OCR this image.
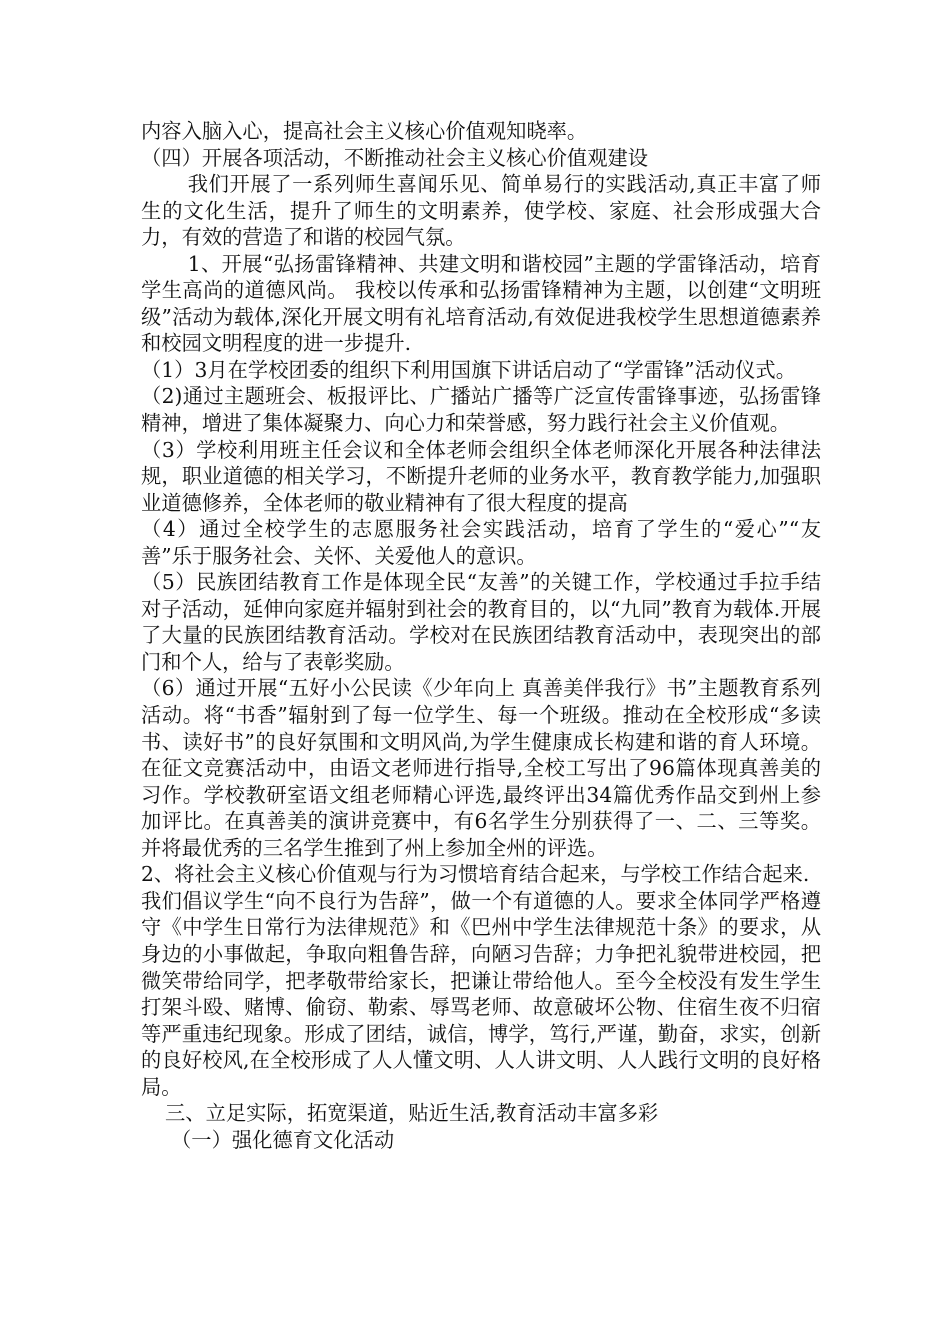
内容入脑入心，提高社会主义核心价值观知晓率。

（四）开展各项活动，不断推动社会主义核心价值观建设

我们开展了一系列师生喜闻乐见、简单易行的实践活动,真正丰富了师生的文化生活，提升了师生的文明素养，使学校、家庭、社会形成强大合力，有效的营造了和谐的校园气氛。

1、开展“弘扬雷锋精神、共建文明和谐校园”主题的学雷锋活动，培育学生高尚的道德风尚。 我校以传承和弘扬雷锋精神为主题，以创建“文明班级”活动为载体,深化开展文明有礼培育活动,有效促进我校学生思想道德素养和校园文明程度的进一步提升.

（1）3月在学校团委的组织下利用国旗下讲话启动了“学雷锋”活动仪式。

（2)通过主题班会、板报评比、广播站广播等广泛宣传雷锋事迹，弘扬雷锋精神，增进了集体凝聚力、向心力和荣誉感，努力践行社会主义价值观。

（3）学校利用班主任会议和全体老师会组织全体老师深化开展各种法律法规，职业道德的相关学习，不断提升老师的业务水平，教育教学能力,加强职业道德修养，全体老师的敬业精神有了很大程度的提高

（4）通过全校学生的志愿服务社会实践活动，培育了学生的“爱心”“友善”乐于服务社会、关怀、关爱他人的意识。

（5）民族团结教育工作是体现全民“友善”的关键工作，学校通过手拉手结对子活动，延伸向家庭并辐射到社会的教育目的，以“九同”教育为载体.开展了大量的民族团结教育活动。学校对在民族团结教育活动中，表现突出的部门和个人，给与了表彰奖励。

（6）通过开展“五好小公民读《少年向上 真善美伴我行》书”主题教育系列活动。将“书香”辐射到了每一位学生、每一个班级。推动在全校形成“多读书、读好书”的良好氛围和文明风尚,为学生健康成长构建和谐的育人环境。在征文竞赛活动中，由语文老师进行指导,全校工写出了96篇体现真善美的习作。学校教研室语文组老师精心评选,最终评出34篇优秀作品交到州上参加评比。在真善美的演讲竞赛中，有6名学生分别获得了一、二、三等奖。并将最优秀的三名学生推到了州上参加全州的评选。

2、将社会主义核心价值观与行为习惯培育结合起来，与学校工作结合起来.

我们倡议学生“向不良行为告辞”，做一个有道德的人。要求全体同学严格遵守《中学生日常行为法律规范》和《巴州中学生法律规范十条》的要求，从身边的小事做起，争取向粗鲁告辞，向陋习告辞；力争把礼貌带进校园，把微笑带给同学，把孝敬带给家长，把谦让带给他人。至今全校没有发生学生打架斗殴、赌博、偷窃、勒索、辱骂老师、故意破坏公物、住宿生夜不归宿等严重违纪现象。形成了团结，诚信，博学，笃行,严谨，勤奋，求实，创新的良好校风,在全校形成了人人懂文明、人人讲文明、人人践行文明的良好格局。

三、立足实际，拓宽渠道，贴近生活,教育活动丰富多彩

（一）强化德育文化活动
